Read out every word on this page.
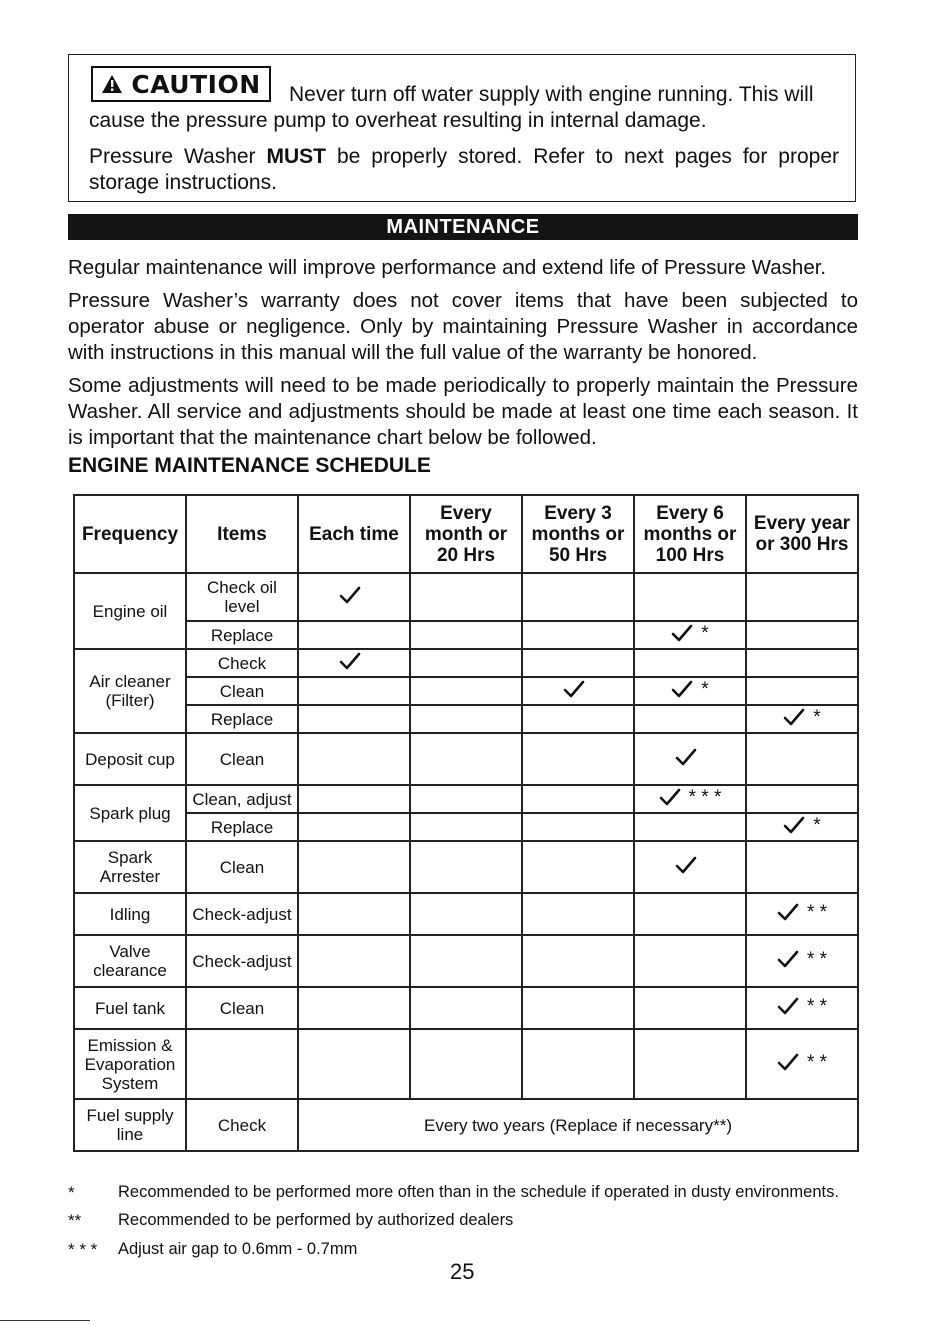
CAUTION Never turn off water supply with engine running. This will
cause the pressure pump to overheat resulting in internal damage.
Pressure Washer MUST be properly stored. Refer to next pages for proper storage instructions.
MAINTENANCE
Regular maintenance will improve performance and extend life of Pressure Washer.
Pressure Washer’s warranty does not cover items that have been subjected to operator abuse or negligence. Only by maintaining Pressure Washer in accordance with instructions in this manual will the full value of the warranty be honored.
Some adjustments will need to be made periodically to properly maintain the Pressure Washer. All service and adjustments should be made at least one time each season. It is important that the maintenance chart below be followed.
ENGINE MAINTENANCE SCHEDULE
Frequency	Items	Each time	Every month or 20 Hrs	Every 3 months or 50 Hrs	Every 6 months or 100 Hrs	Every year or 300 Hrs
Engine oil	Check oil level	

	Replace				*	

Air cleaner (Filter)	Check	

	Clean				*	

	Replace					*

Deposit cup	Clean				

Spark plug	Clean, adjust				* * *	

	Replace					*

Spark Arrester	Clean				

Idling	Check-adjust					* *

Valve clearance	Check-adjust					* *

Fuel tank	Clean					* *

Emission & Evaporation System						* *

Fuel supply line	Check	Every two years (Replace if necessary**)				
*	Recommended to be performed more often than in the schedule if operated in dusty environments.
**	Recommended to be performed by authorized dealers
* * *	Adjust air gap to 0.6mm - 0.7mm
25
